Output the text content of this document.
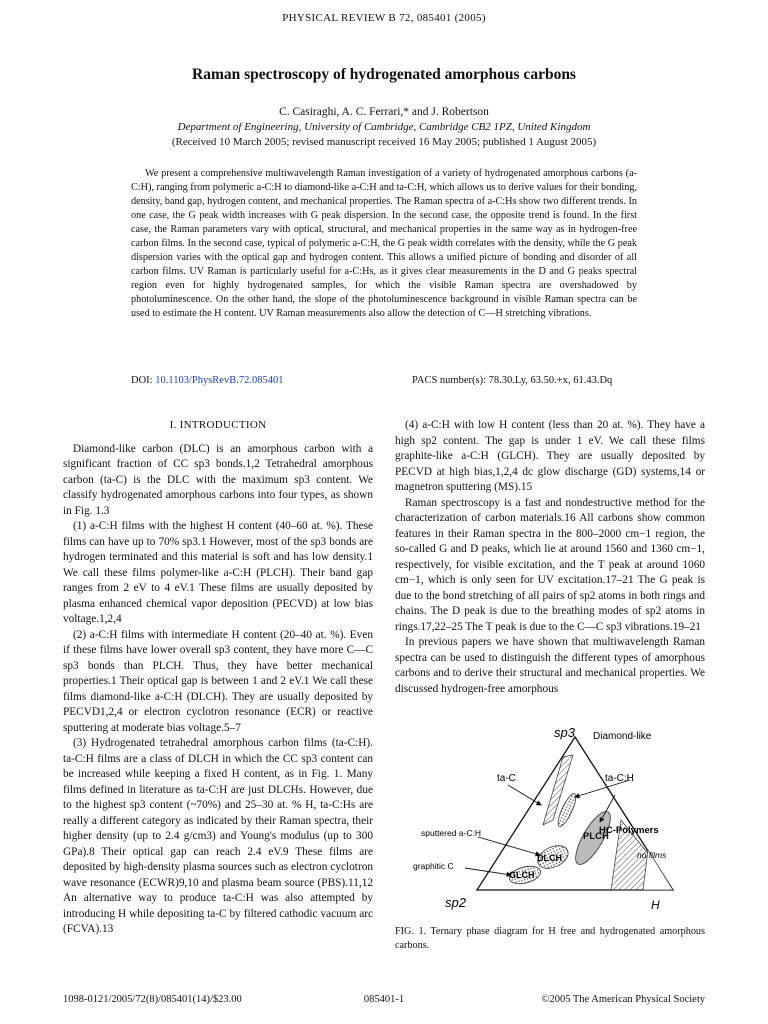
PHYSICAL REVIEW B 72, 085401 (2005)
Raman spectroscopy of hydrogenated amorphous carbons
C. Casiraghi, A. C. Ferrari,* and J. Robertson
Department of Engineering, University of Cambridge, Cambridge CB2 1PZ, United Kingdom
(Received 10 March 2005; revised manuscript received 16 May 2005; published 1 August 2005)

We present a comprehensive multiwavelength Raman investigation of a variety of hydrogenated amorphous carbons (a-C:H), ranging from polymeric a-C:H to diamond-like a-C:H and ta-C:H, which allows us to derive values for their bonding, density, band gap, hydrogen content, and mechanical properties. The Raman spectra of a-C:Hs show two different trends. In one case, the G peak width increases with G peak dispersion. In the second case, the opposite trend is found. In the first case, the Raman parameters vary with optical, structural, and mechanical properties in the same way as in hydrogen-free carbon films. In the second case, typical of polymeric a-C:H, the G peak width correlates with the density, while the G peak dispersion varies with the optical gap and hydrogen content. This allows a unified picture of bonding and disorder of all carbon films. UV Raman is particularly useful for a-C:Hs, as it gives clear measurements in the D and G peaks spectral region even for highly hydrogenated samples, for which the visible Raman spectra are overshadowed by photoluminescence. On the other hand, the slope of the photoluminescence background in visible Raman spectra can be used to estimate the H content. UV Raman measurements also allow the detection of C—H stretching vibrations.

DOI: 10.1103/PhysRevB.72.085401	PACS number(s): 78.30.Ly, 63.50.+x, 61.43.Dq
I. INTRODUCTION

Diamond-like carbon (DLC) is an amorphous carbon with a significant fraction of CC sp3 bonds.1,2 Tetrahedral amorphous carbon (ta-C) is the DLC with the maximum sp3 content. We classify hydrogenated amorphous carbons into four types, as shown in Fig. 1.3

(1) a-C:H films with the highest H content (40–60 at. %). These films can have up to 70% sp3.1 However, most of the sp3 bonds are hydrogen terminated and this material is soft and has low density.1 We call these films polymer-like a-C:H (PLCH). Their band gap ranges from 2 eV to 4 eV.1 These films are usually deposited by plasma enhanced chemical vapor deposition (PECVD) at low bias voltage.1,2,4

(2) a-C:H films with intermediate H content (20–40 at. %). Even if these films have lower overall sp3 content, they have more C—C sp3 bonds than PLCH. Thus, they have better mechanical properties.1 Their optical gap is between 1 and 2 eV.1 We call these films diamond-like a-C:H (DLCH). They are usually deposited by PECVD1,2,4 or electron cyclotron resonance (ECR) or reactive sputtering at moderate bias voltage.5–7

(3) Hydrogenated tetrahedral amorphous carbon films (ta-C:H). ta-C:H films are a class of DLCH in which the CC sp3 content can be increased while keeping a fixed H content, as in Fig. 1. Many films defined in literature as ta-C:H are just DLCHs. However, due to the highest sp3 content (~70%) and 25–30 at. % H, ta-C:Hs are really a different category as indicated by their Raman spectra, their higher density (up to 2.4 g/cm3) and Young's modulus (up to 300 GPa).8 Their optical gap can reach 2.4 eV.9 These films are deposited by high-density plasma sources such as electron cyclotron wave resonance (ECWR)9,10 and plasma beam source (PBS).11,12 An alternative way to produce ta-C:H was also attempted by introducing H while depositing ta-C by filtered cathodic vacuum arc (FCVA).13

(4) a-C:H with low H content (less than 20 at. %). They have a high sp2 content. The gap is under 1 eV. We call these films graphite-like a-C:H (GLCH). They are usually deposited by PECVD at high bias,1,2,4 dc glow discharge (GD) systems,14 or magnetron sputtering (MS).15

Raman spectroscopy is a fast and nondestructive method for the characterization of carbon materials.16 All carbons show common features in their Raman spectra in the 800–2000 cm−1 region, the so-called G and D peaks, which lie at around 1560 and 1360 cm−1, respectively, for visible excitation, and the T peak at around 1060 cm−1, which is only seen for UV excitation.17–21 The G peak is due to the bond stretching of all pairs of sp2 atoms in both rings and chains. The D peak is due to the breathing modes of sp2 atoms in rings.17,22–25 The T peak is due to the C—C sp3 vibrations.19–21

In previous papers we have shown that multiwavelength Raman spectra can be used to distinguish the different types of amorphous carbons and to derive their structural and mechanical properties. We discussed hydrogen-free amorphous

sp3 Diamond-like
ta-C	ta-C:H
sputtered a-C:H	HC-Polymers
PLCH
DLCH	no films
graphitic C
GLCH
sp2	H
FIG. 1. Ternary phase diagram for H free and hydrogenated amorphous carbons.
1098-0121/2005/72(8)/085401(14)/$23.00	085401-1	©2005 The American Physical Society
